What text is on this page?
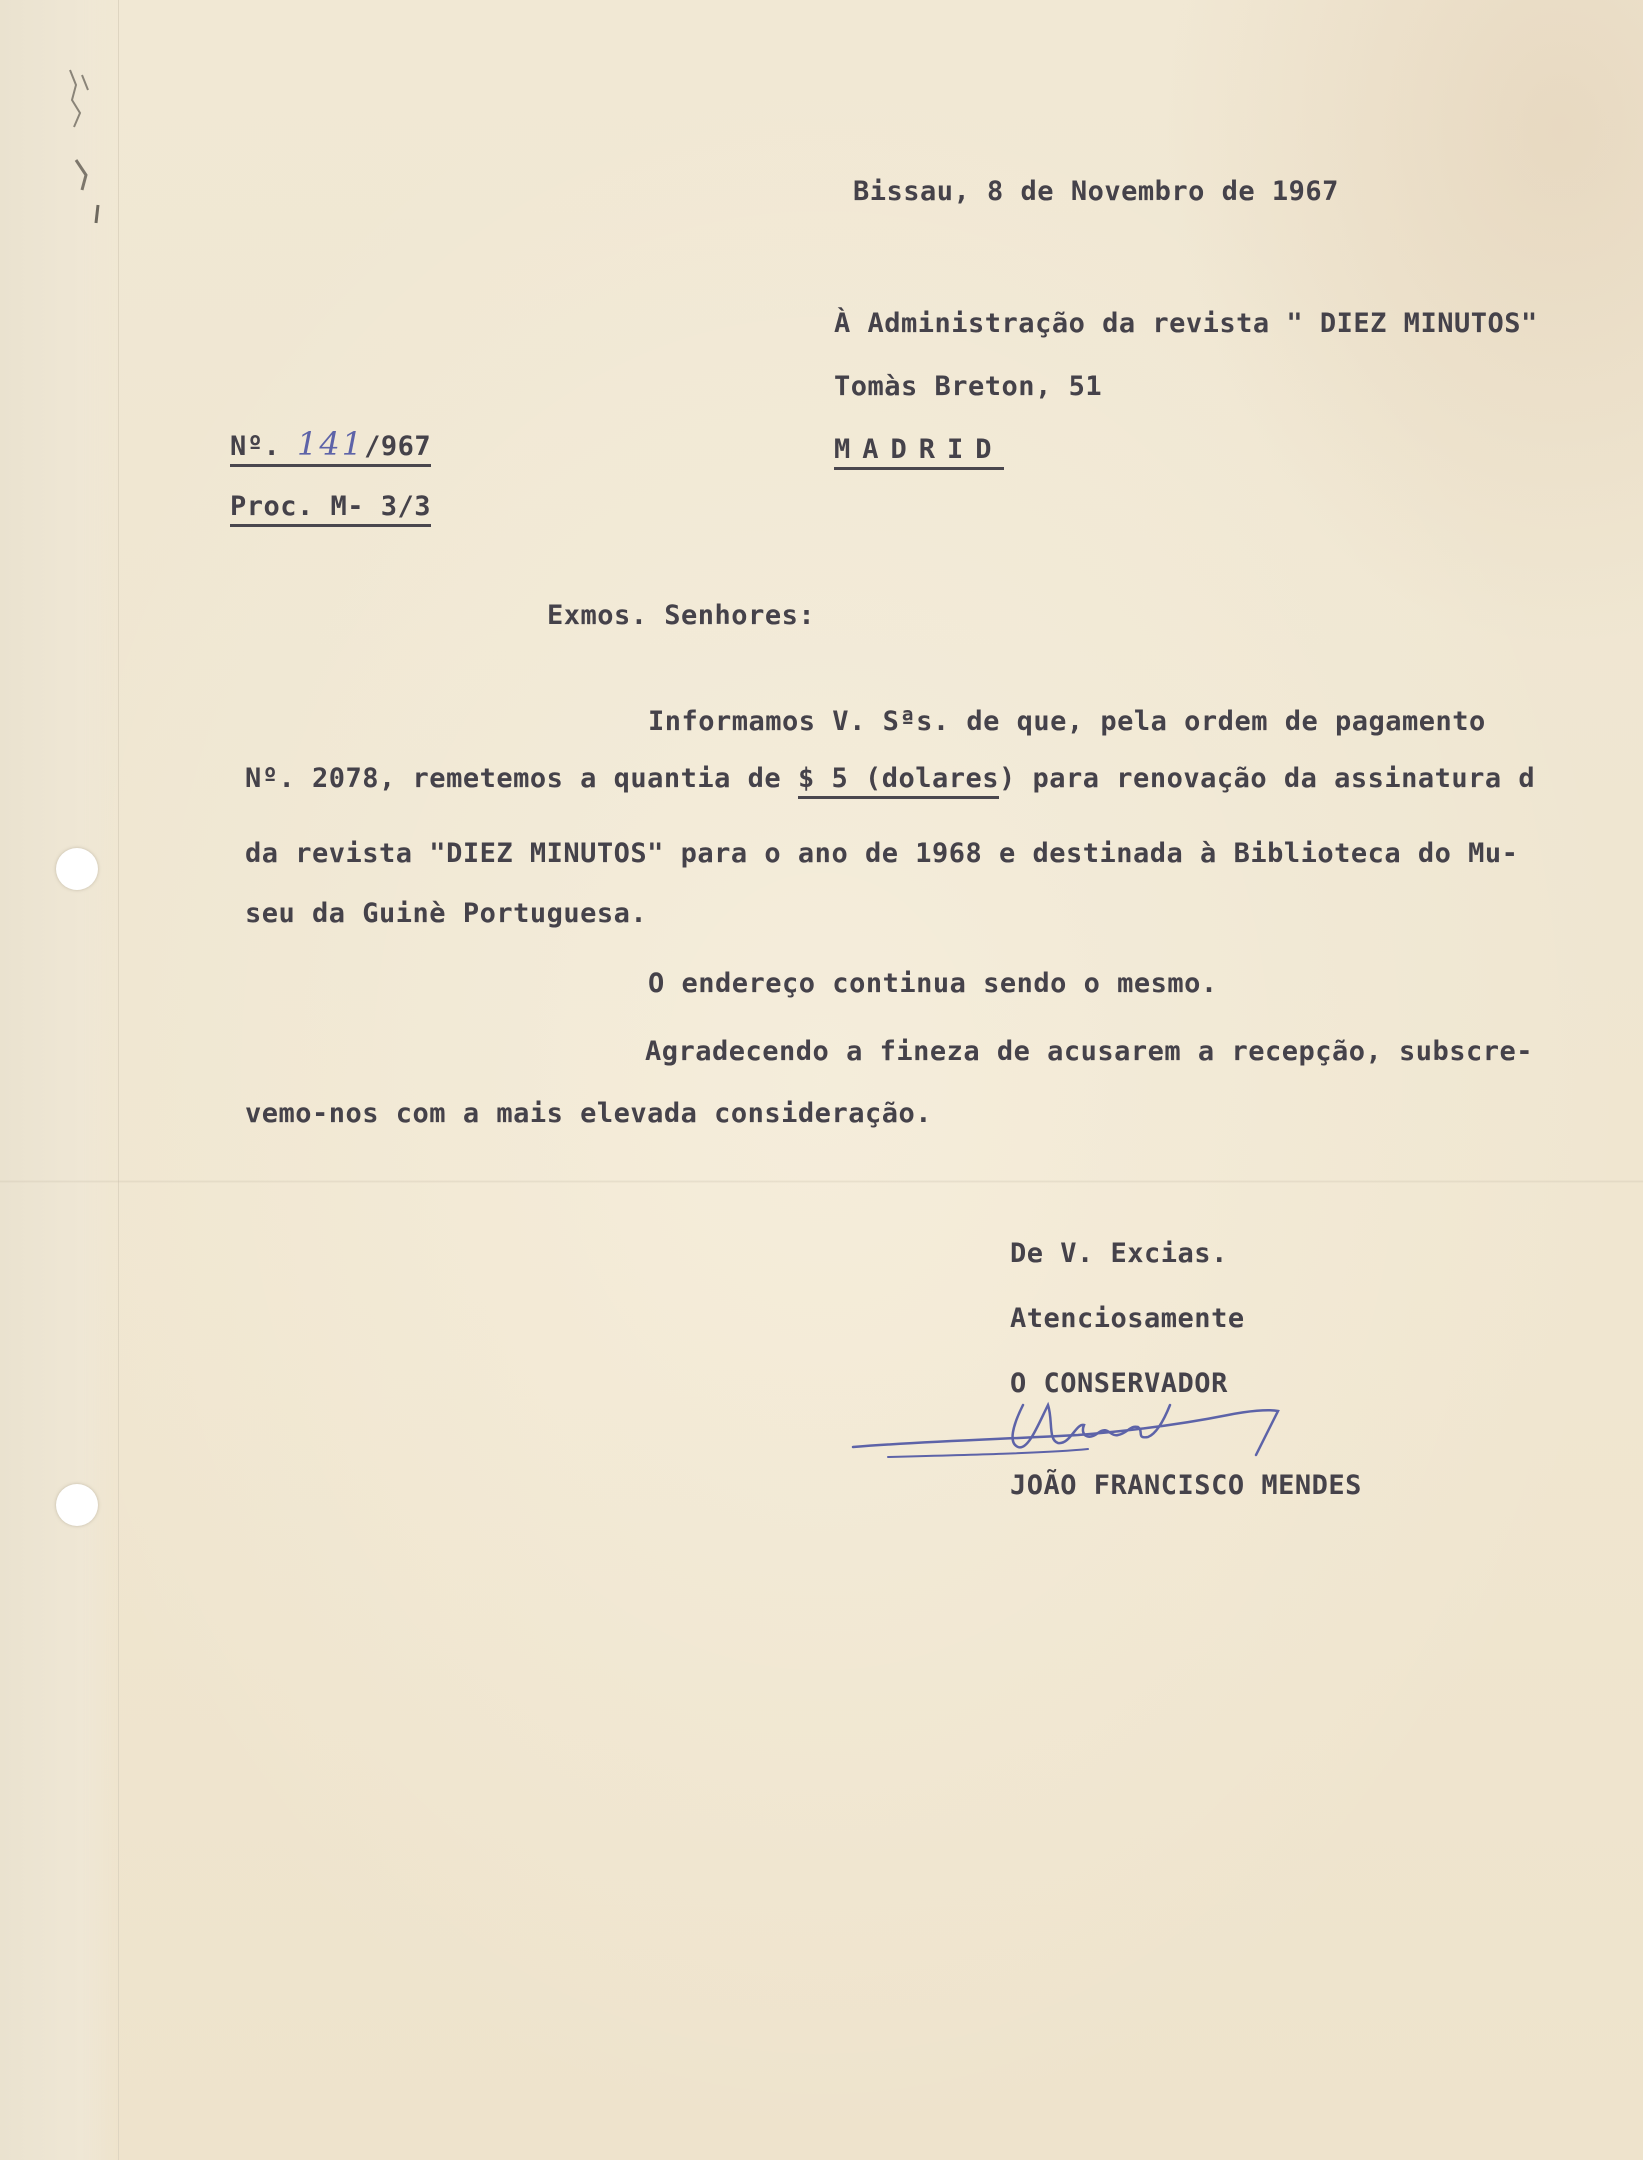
Bissau, 8 de Novembro de 1967

À Administração da revista " DIEZ MINUTOS"

Tomàs Breton, 51

MADRID

Nº. 141/967

Proc. M- 3/3

Exmos. Senhores:

Informamos V. Sªs. de que, pela ordem de pagamento

Nº. 2078, remetemos a quantia de $ 5 (dolares) para renovação da assinatura d

da revista "DIEZ MINUTOS" para o ano de 1968 e destinada à Biblioteca do Mu-

seu da Guinè Portuguesa.

O endereço continua sendo o mesmo.

Agradecendo a fineza de acusarem a recepção, subscre-

vemo-nos com a mais elevada consideração.

De V. Excias.

Atenciosamente

O CONSERVADOR

JOÃO FRANCISCO MENDES
